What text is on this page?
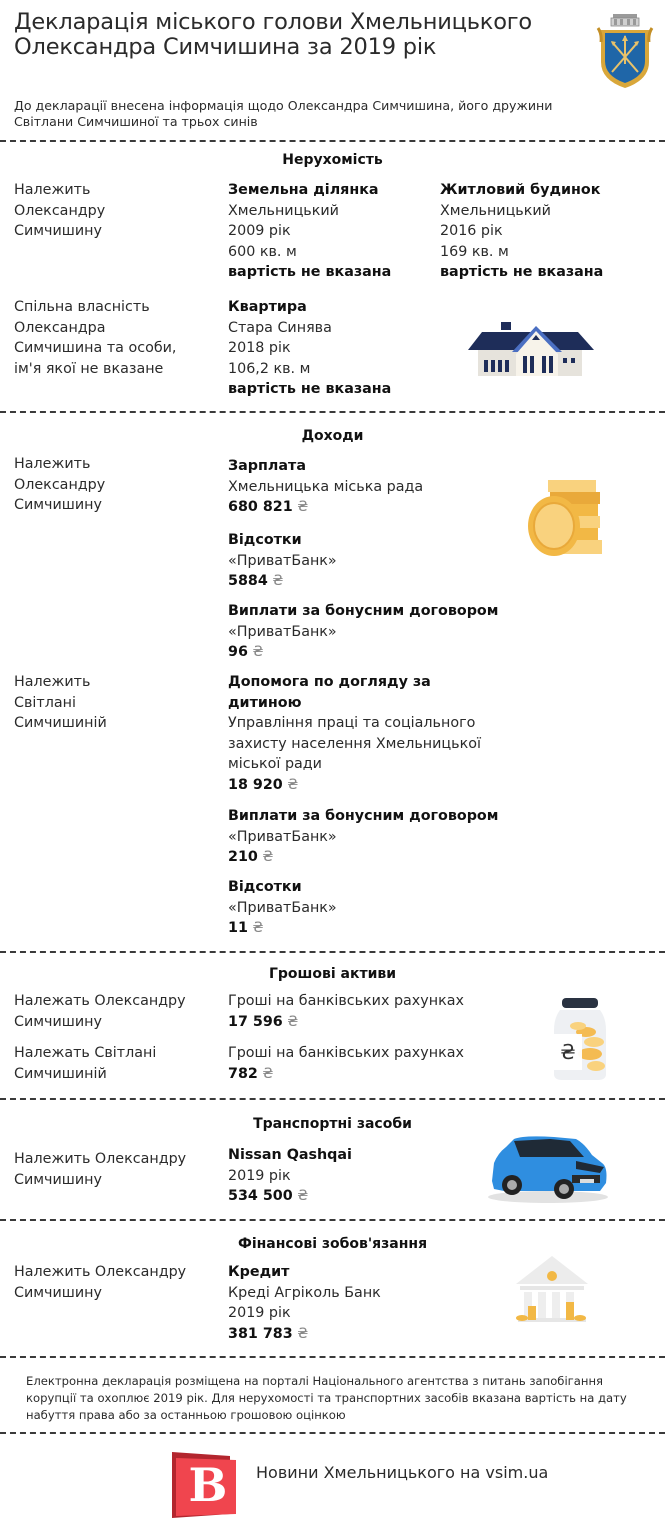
Декларація міського голови Хмельницького Олександра Симчишина за 2019 рік
До декларації внесена інформація щодо Олександра Симчишина, його дружини Світлани Симчишиної та трьох синів
Нерухомість
Належить Олександру Симчишину
Земельна ділянка
Хмельницький
2009 рік
600 кв. м
вартість не вказана
Житловий будинок
Хмельницький
2016 рік
169 кв. м
вартість не вказана
Спільна власність Олександра Симчишина та особи, ім'я якої не вказане
Квартира
Стара Синява
2018 рік
106,2 кв. м
вартість не вказана
Доходи
Належить Олександру Симчишину
Зарплата
Хмельницька міська рада
680 821 ₴
Відсотки
«ПриватБанк»
5884 ₴
Виплати за бонусним договором
«ПриватБанк»
96 ₴
Належить Світлані Симчишиній
Допомога по догляду за дитиною
Управління праці та соціального захисту населення Хмельницької міської ради
18 920 ₴
Виплати за бонусним договором
«ПриватБанк»
210 ₴
Відсотки
«ПриватБанк»
11 ₴
Грошові активи
Належать Олександру Симчишину
Гроші на банківських рахунках
17 596 ₴
Належать Світлані Симчишиній
Гроші на банківських рахунках
782 ₴
₴
Транспортні засоби
Належить Олександру Симчишину
Nissan Qashqai
2019 рік
534 500 ₴
Фінансові зобов'язання
Належить Олександру Симчишину
Кредит
Креді Агріколь Банк
2019 рік
381 783 ₴
Електронна декларація розміщена на порталі Національного агентства з питань запобігання корупції та охоплює 2019 рік. Для нерухомості та транспортних засобів вказана вартість на дату набуття права або за останньою грошовою оцінкою
В Новини Хмельницького на vsim.ua
